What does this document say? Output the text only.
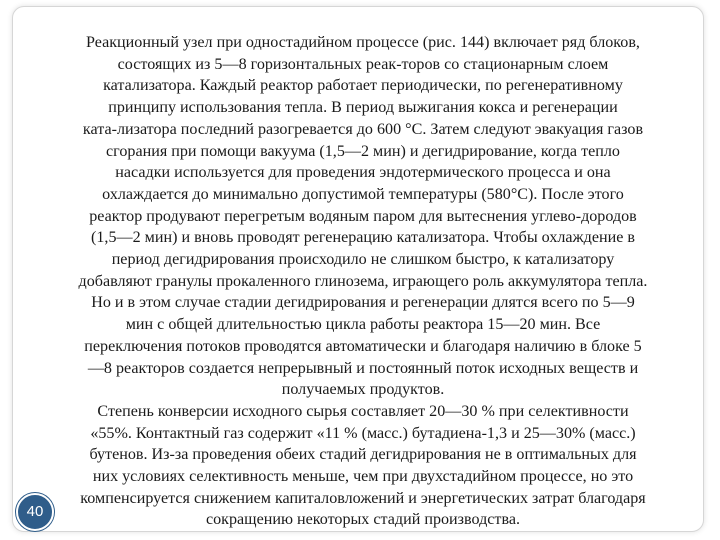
Реакционный узел при одностадийном процессе (рис. 144) включает ряд блоков,
состоящих из 5—8 горизонтальных реак-торов со стационарным слоем
катализатора. Каждый реактор работает периодически, по регенеративному
принципу использования тепла. В период выжигания кокса и регенерации
ката-лизатора последний разогревается до 600 °С. Затем следуют эвакуация газов
сгорания при помощи вакуума (1,5—2 мин) и дегидрирование, когда тепло
насадки используется для проведения эндотермического процесса и она
охлаждается до минимально допустимой температуры (580°С). После этого
реактор продувают перегретым водяным паром для вытеснения углево-дородов
(1,5—2 мин) и вновь проводят регенерацию катализатора. Чтобы охлаждение в
период дегидрирования происходило не слишком быстро, к катализатору
добавляют гранулы прокаленного глинозема, играющего роль аккумулятора тепла.
Но и в этом случае стадии дегидрирования и регенерации длятся всего по 5—9
мин с общей длительностью цикла работы реактора 15—20 мин. Все
переключения потоков проводятся автоматически и благодаря наличию в блоке 5
—8 реакторов создается непрерывный и постоянный поток исходных веществ и
получаемых продуктов.
Степень конверсии исходного сырья составляет 20—30 % при селективности
«55%. Контактный газ содержит «11 % (масс.) бутадиена-1,3 и 25—30% (масс.)
бутенов. Из-за проведения обеих стадий дегидрирования не в оптимальных для
них условиях селективность меньше, чем при двухстадийном процессе, но это
компенсируется снижением капиталовложений и энергетических затрат благодаря
сокращению некоторых стадий производства.
40
